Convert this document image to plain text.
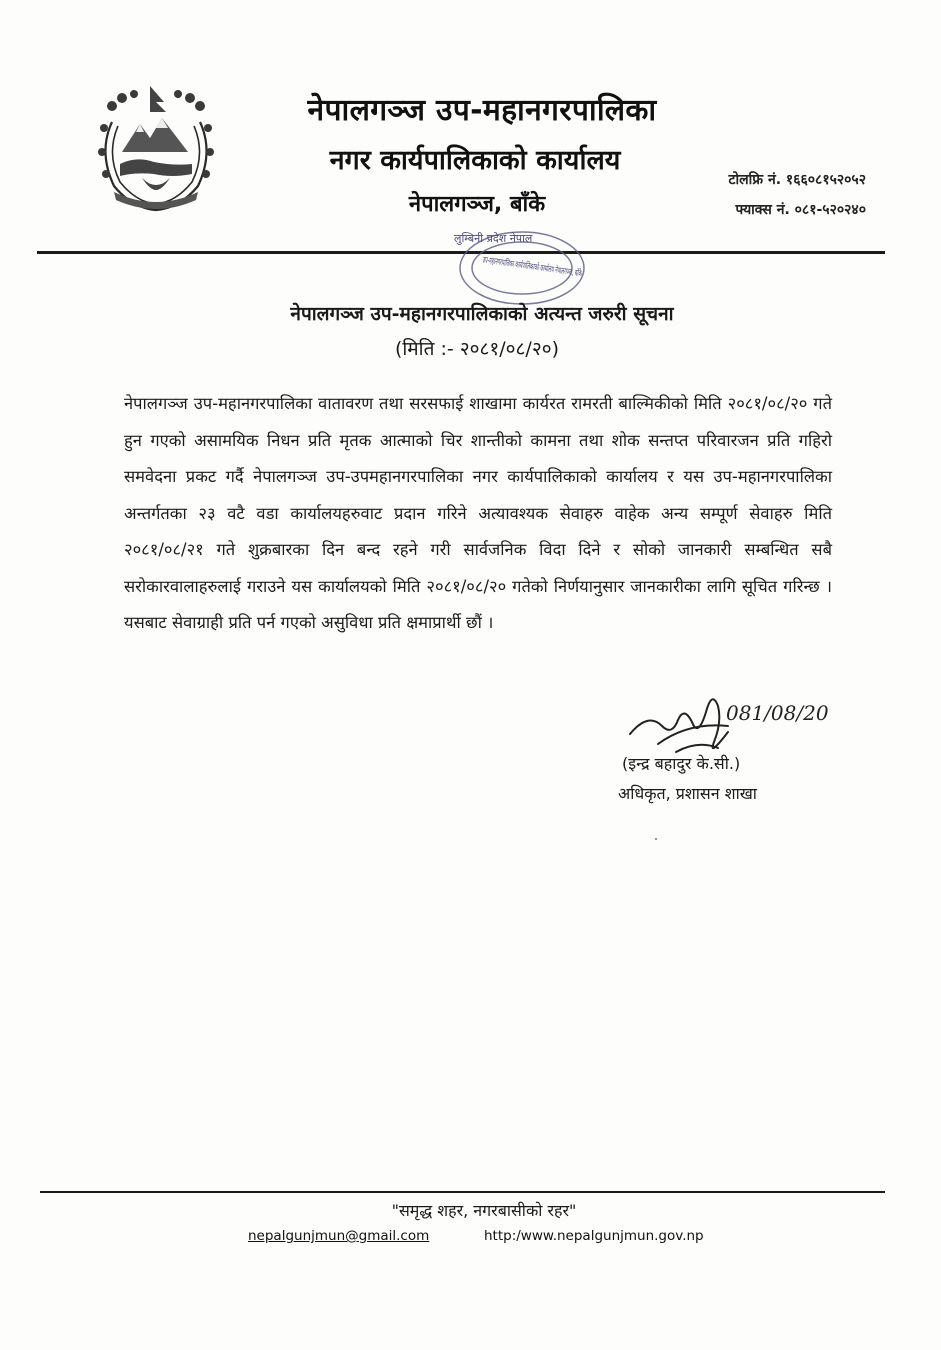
नेपालगञ्ज उप-महानगरपालिका
नगर कार्यपालिकाको कार्यालय
नेपालगञ्ज, बाँके
टोलफ्रि नं. १६६०८१५२०५२
फ्याक्स नं. ०८१-५२०२४०
लुम्बिनी प्रदेश नेपाल
उप-महानगरपालिका कार्यपालिकाको कार्यालय नेपालगञ्ज, बाँके
नेपालगञ्ज उप-महानगरपालिकाको अत्यन्त जरुरी सूचना
(मिति :- २०८१/०८/२०)
नेपालगञ्ज उप-महानगरपालिका वातावरण तथा सरसफाई शाखामा कार्यरत रामरती बाल्मिकीको मिति २०८१/०८/२० गते हुन गएको असामयिक निधन प्रति मृतक आत्माको चिर शान्तीको कामना तथा शोक सन्तप्त परिवारजन प्रति गहिरो समवेदना प्रकट गर्दै नेपालगञ्ज उप-उपमहानगरपालिका नगर कार्यपालिकाको कार्यालय र यस उप-महानगरपालिका अन्तर्गतका २३ वटै वडा कार्यालयहरुवाट प्रदान गरिने अत्यावश्यक सेवाहरु वाहेक अन्य सम्पूर्ण सेवाहरु मिति २०८१/०८/२१ गते शुक्रबारका दिन बन्द रहने गरी सार्वजनिक विदा दिने र सोको जानकारी सम्बन्धित सबै सरोकारवालाहरुलाई गराउने यस कार्यालयको मिति २०८१/०८/२० गतेको निर्णयानुसार जानकारीका लागि सूचित गरिन्छ । यसबाट सेवाग्राही प्रति पर्न गएको असुविधा प्रति क्षमाप्रार्थी छौं ।
081/08/20
(इन्द्र बहादुर के.सी.)
अधिकृत, प्रशासन शाखा
"समृद्ध शहर, नगरबासीको रहर"
nepalgunjmun@gmail.com	http:/www.nepalgunjmun.gov.np
